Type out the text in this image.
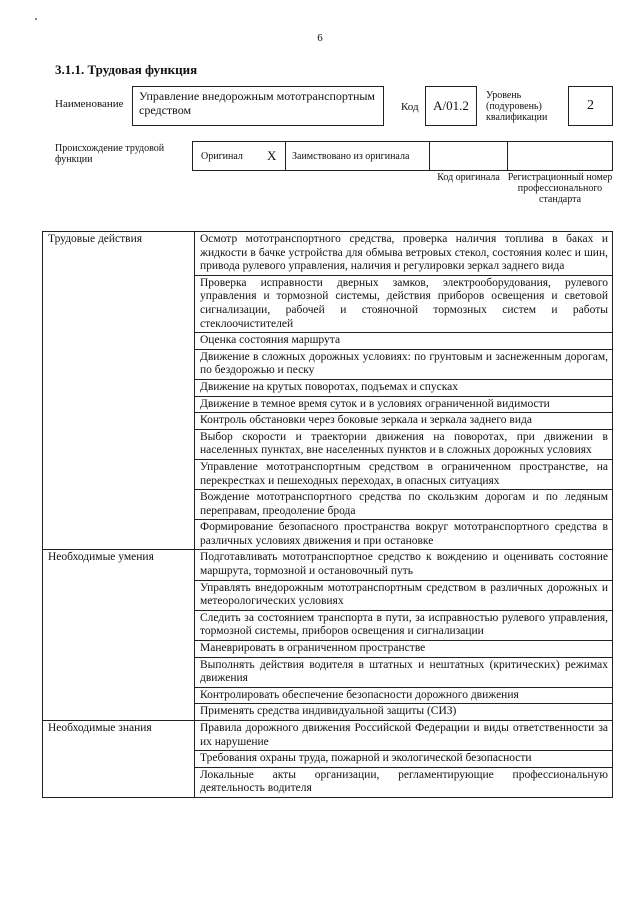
6
3.1.1. Трудовая функция
Наименование
Управление внедорожным мототранспортным средством	Код A/01.2
Уровень (подуровень) квалификации
2
Происхождение трудовой функции	Оригинал X Заимствовано из оригинала
Код оригинала Регистрационный номер профессионального стандарта
Трудовые действия	Осмотр мототранспортного средства, проверка наличия топлива в баках и жидкости в бачке устройства для обмыва ветровых стекол, состояния колес и шин, привода рулевого управления, наличия и регулировки зеркал заднего вида
	Проверка исправности дверных замков, электрооборудования, рулевого управления и тормозной системы, действия приборов освещения и световой сигнализации, рабочей и стояночной тормозных систем и работы стеклоочистителей
	Оценка состояния маршрута
	Движение в сложных дорожных условиях: по грунтовым и заснеженным дорогам, по бездорожью и песку
	Движение на крутых поворотах, подъемах и спусках
	Движение в темное время суток и в условиях ограниченной видимости
	Контроль обстановки через боковые зеркала и зеркала заднего вида
	Выбор скорости и траектории движения на поворотах, при движении в населенных пунктах, вне населенных пунктов и в сложных дорожных условиях
	Управление мототранспортным средством в ограниченном пространстве, на перекрестках и пешеходных переходах, в опасных ситуациях
	Вождение мототранспортного средства по скользким дорогам и по ледяным переправам, преодоление брода
	Формирование безопасного пространства вокруг мототранспортного средства в различных условиях движения и при остановке
Необходимые умения	Подготавливать мототранспортное средство к вождению и оценивать состояние маршрута, тормозной и остановочный путь
	Управлять внедорожным мототранспортным средством в различных дорожных и метеорологических условиях
	Следить за состоянием транспорта в пути, за исправностью рулевого управления, тормозной системы, приборов освещения и сигнализации
	Маневрировать в ограниченном пространстве
	Выполнять действия водителя в штатных и нештатных (критических) режимах движения
	Контролировать обеспечение безопасности дорожного движения
	Применять средства индивидуальной защиты (СИЗ)
Необходимые знания	Правила дорожного движения Российской Федерации и виды ответственности за их нарушение
	Требования охраны труда, пожарной и экологической безопасности
	Локальные акты организации, регламентирующие профессиональную деятельность водителя
